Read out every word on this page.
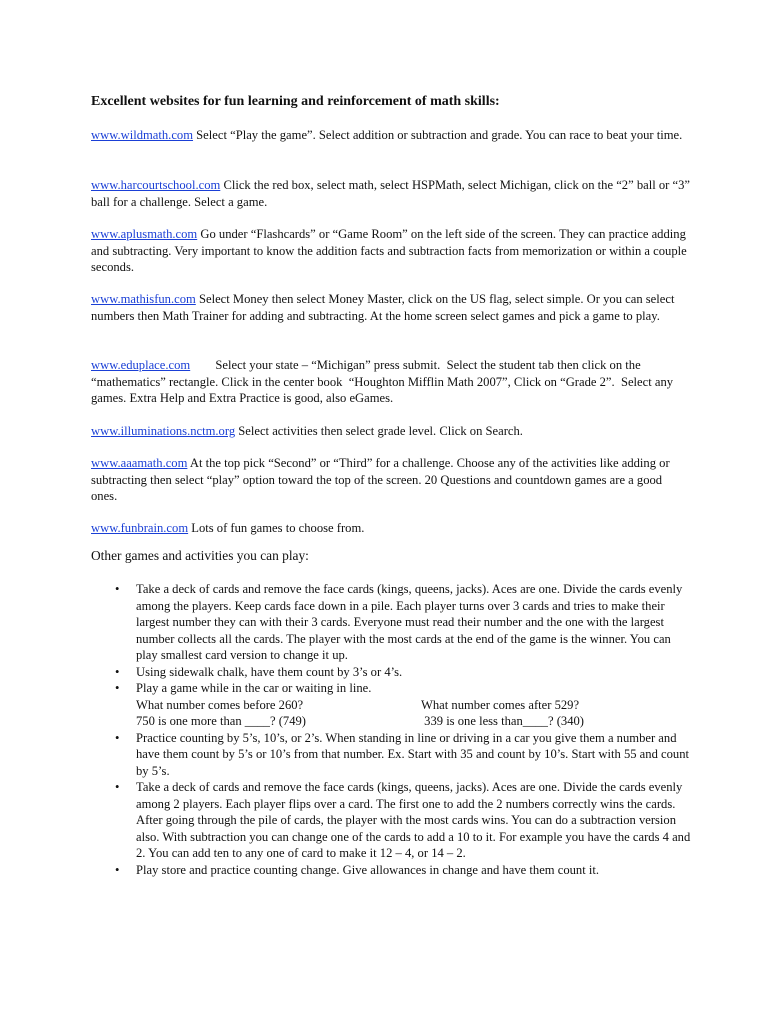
Excellent websites for fun learning and reinforcement of math skills:
www.wildmath.com Select “Play the game”. Select addition or subtraction and grade. You can race to beat your time.
www.harcourtschool.com Click the red box, select math, select HSPMath, select Michigan, click on the “2” ball or “3” ball for a challenge. Select a game.
www.aplusmath.com Go under “Flashcards” or “Game Room” on the left side of the screen. They can practice adding and subtracting. Very important to know the addition facts and subtraction facts from memorization or within a couple seconds.
www.mathisfun.com Select Money then select Money Master, click on the US flag, select simple. Or you can select numbers then Math Trainer for adding and subtracting. At the home screen select games and pick a game to play.
www.eduplace.com        Select your state – “Michigan” press submit.  Select the student tab then click on the “mathematics” rectangle. Click in the center book  “Houghton Mifflin Math 2007”, Click on “Grade 2”.  Select any games. Extra Help and Extra Practice is good, also eGames.
www.illuminations.nctm.org Select activities then select grade level. Click on Search.
www.aaamath.com At the top pick “Second” or “Third” for a challenge. Choose any of the activities like adding or subtracting then select “play” option toward the top of the screen. 20 Questions and countdown games are a good ones.
www.funbrain.com Lots of fun games to choose from.
Other games and activities you can play:
•	Take a deck of cards and remove the face cards (kings, queens, jacks). Aces are one. Divide the cards evenly among the players. Keep cards face down in a pile. Each player turns over 3 cards and tries to make their largest number they can with their 3 cards. Everyone must read their number and the one with the largest number collects all the cards. The player with the most cards at the end of the game is the winner. You can play smallest card version to change it up.
•	Using sidewalk chalk, have them count by 3’s or 4’s.
•	Play a game while in the car or waiting in line.
What number comes before 260?	What number comes after 529?
750 is one more than ____? (749)	339 is one less than____? (340)
•	Practice counting by 5’s, 10’s, or 2’s. When standing in line or driving in a car you give them a number and have them count by 5’s or 10’s from that number. Ex. Start with 35 and count by 10’s. Start with 55 and count by 5’s.
•	Take a deck of cards and remove the face cards (kings, queens, jacks). Aces are one. Divide the cards evenly among 2 players. Each player flips over a card. The first one to add the 2 numbers correctly wins the cards. After going through the pile of cards, the player with the most cards wins. You can do a subtraction version also. With subtraction you can change one of the cards to add a 10 to it. For example you have the cards 4 and 2. You can add ten to any one of card to make it 12 – 4, or 14 – 2.
•	Play store and practice counting change. Give allowances in change and have them count it.
